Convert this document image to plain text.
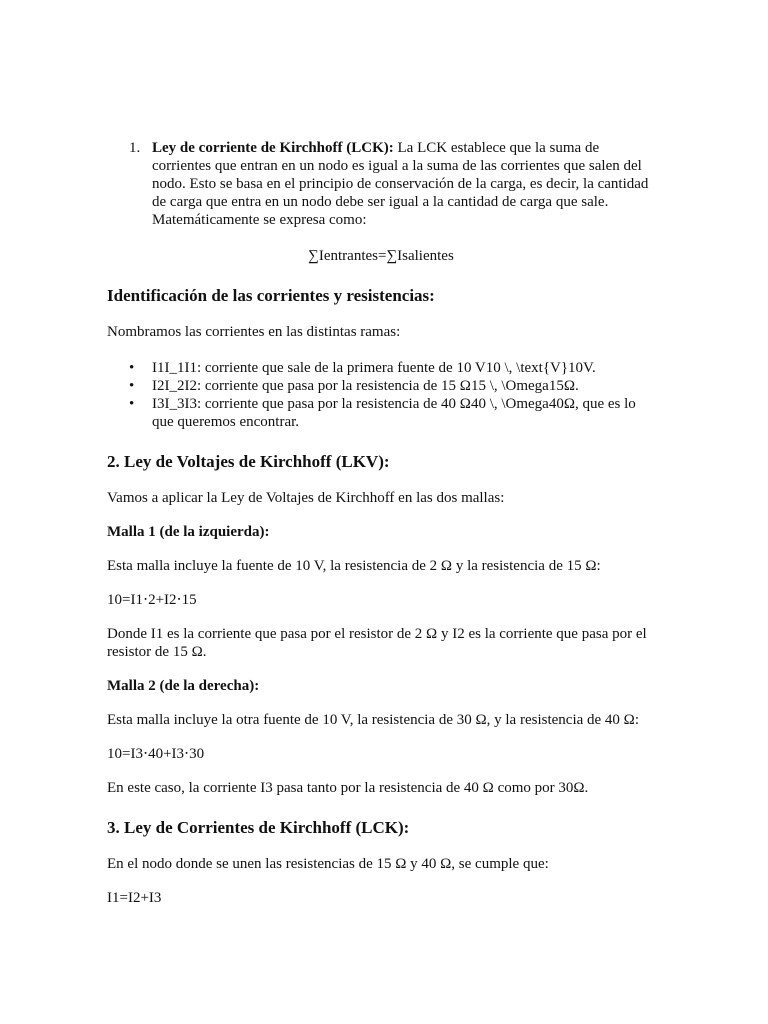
1. Ley de corriente de Kirchhoff (LCK): La LCK establece que la suma de corrientes que entran en un nodo es igual a la suma de las corrientes que salen del nodo. Esto se basa en el principio de conservación de la carga, es decir, la cantidad de carga que entra en un nodo debe ser igual a la cantidad de carga que sale. Matemáticamente se expresa como:

∑Ientrantes=∑Isalientes

Identificación de las corrientes y resistencias:

Nombramos las corrientes en las distintas ramas:

• I1I_1I1: corriente que sale de la primera fuente de 10 V10 \, \text{V}10V.
• I2I_2I2: corriente que pasa por la resistencia de 15 Ω15 \, \Omega15Ω.
• I3I_3I3: corriente que pasa por la resistencia de 40 Ω40 \, \Omega40Ω, que es lo que queremos encontrar.
2. Ley de Voltajes de Kirchhoff (LKV):

Vamos a aplicar la Ley de Voltajes de Kirchhoff en las dos mallas:

Malla 1 (de la izquierda):

Esta malla incluye la fuente de 10 V, la resistencia de 2 Ω y la resistencia de 15 Ω:

10=I1⋅2+I2⋅15

Donde I1 es la corriente que pasa por el resistor de 2 Ω y I2 es la corriente que pasa por el resistor de 15 Ω.

Malla 2 (de la derecha):

Esta malla incluye la otra fuente de 10 V, la resistencia de 30 Ω, y la resistencia de 40 Ω:

10=I3⋅40+I3⋅30

En este caso, la corriente I3 pasa tanto por la resistencia de 40 Ω como por 30Ω.

3. Ley de Corrientes de Kirchhoff (LCK):

En el nodo donde se unen las resistencias de 15 Ω y 40 Ω, se cumple que:

I1=I2+I3
